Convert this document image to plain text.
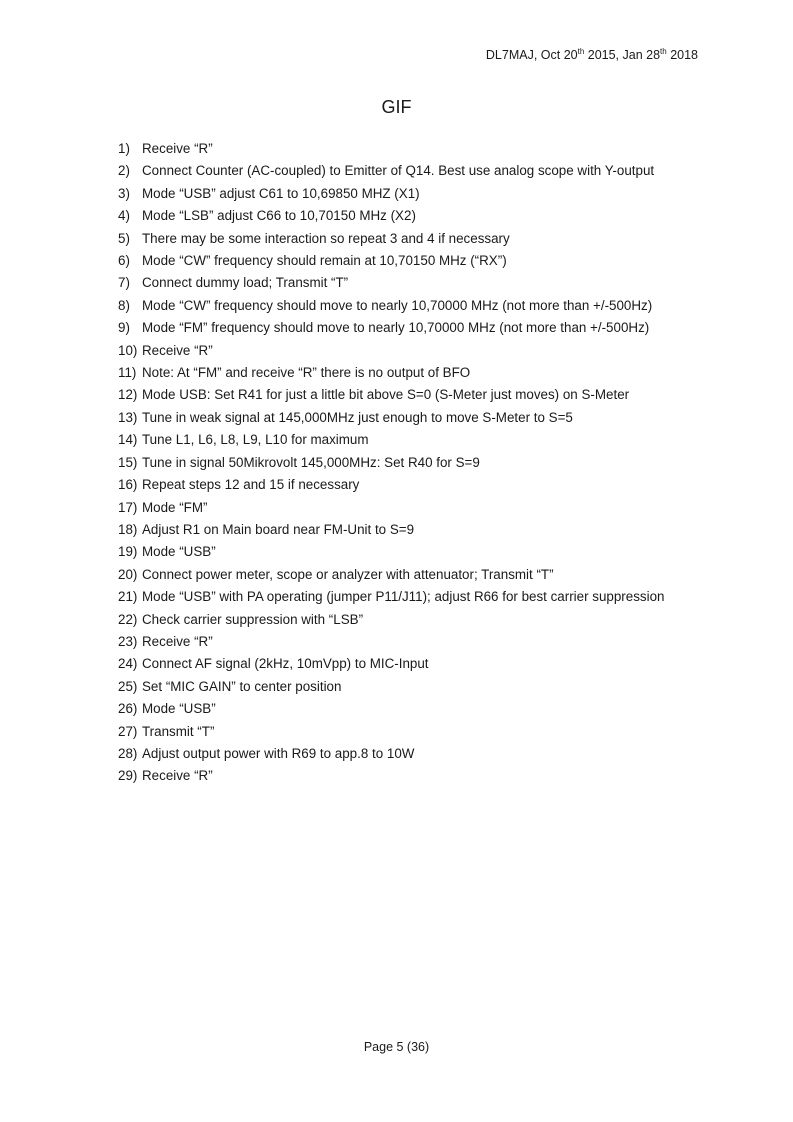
DL7MAJ, Oct 20th 2015, Jan 28th 2018
GIF
1) Receive “R”
2) Connect Counter (AC-coupled) to Emitter of Q14. Best use analog scope with Y-output
3) Mode “USB” adjust C61 to 10,69850 MHZ (X1)
4) Mode “LSB” adjust C66 to 10,70150 MHz (X2)
5) There may be some interaction so repeat 3 and 4 if necessary
6) Mode “CW” frequency should remain at 10,70150 MHz (“RX”)
7) Connect dummy load; Transmit “T”
8) Mode “CW” frequency should move to nearly 10,70000 MHz (not more than +/-500Hz)
9) Mode “FM” frequency should move to nearly 10,70000 MHz (not more than +/-500Hz)
10) Receive “R”
11) Note: At “FM” and receive “R” there is no output of BFO
12) Mode USB: Set R41 for just a little bit above S=0 (S-Meter just moves) on S-Meter
13) Tune in weak signal at 145,000MHz just enough to move S-Meter to S=5
14) Tune L1, L6, L8, L9, L10 for maximum
15) Tune in signal 50Mikrovolt 145,000MHz: Set R40 for S=9
16) Repeat steps 12 and 15 if necessary
17) Mode “FM”
18) Adjust R1 on Main board near FM-Unit to S=9
19) Mode “USB”
20) Connect power meter, scope or analyzer with attenuator; Transmit “T”
21) Mode “USB” with PA operating (jumper P11/J11); adjust R66 for best carrier suppression
22) Check carrier suppression with “LSB”
23) Receive “R”
24) Connect AF signal (2kHz, 10mVpp) to MIC-Input
25) Set “MIC GAIN” to center position
26) Mode “USB”
27) Transmit “T”
28) Adjust output power with R69 to app.8 to 10W
29) Receive “R”
Page 5 (36)
